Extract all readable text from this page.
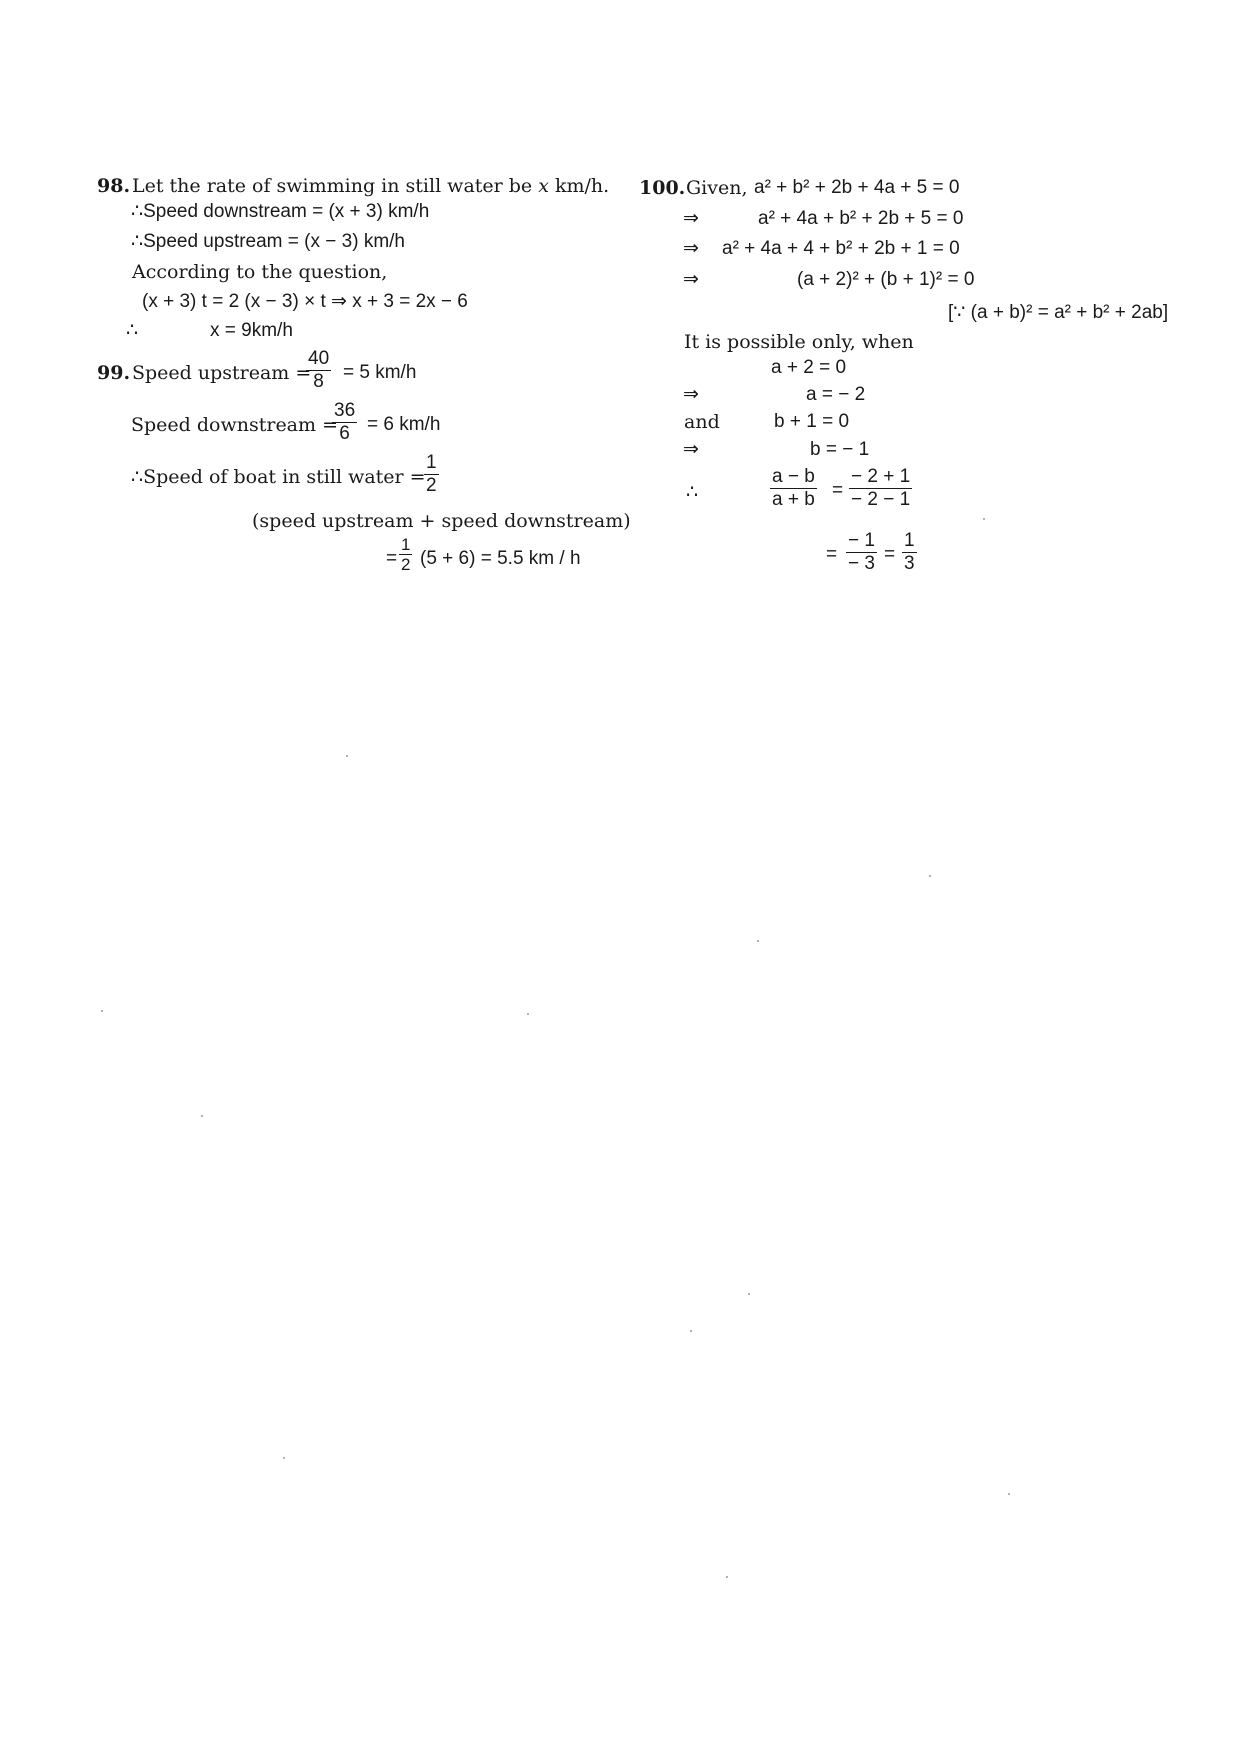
98. Let the rate of swimming in still water be x km/h.
∴Speed downstream = (x + 3) km/h
∴Speed upstream = (x − 3) km/h
According to the question,
(x + 3) t = 2 (x − 3) × t ⇒ x + 3 = 2x − 6
∴	x = 9km/h
99. Speed upstream =
$\frac{40}{8} = 5$ km/h
Speed downstream =
$\frac{36}{6} = 6$ km/h
∴Speed of boat in still water =
$\frac{1}{2}$
(speed upstream + speed downstream)
= $\frac{1}{2} (5 + 6) = 5.5$ km / h
100. Given, a² + b² + 2b + 4a + 5 = 0
⇒	a² + 4a + b² + 2b + 5 = 0
⇒ a² + 4a + 4 + b² + 2b + 1 = 0
⇒	(a + 2)² + (b + 1)² = 0
[∵ (a + b)² = a² + b² + 2ab]
It is possible only, when
a + 2 = 0
⇒	a = − 2
and	b + 1 = 0
⇒	b = − 1
∴	$\frac{a - b}{a + b} = \frac{- 2 + 1}{- 2 - 1}$
= $\frac{- 1}{- 3} = \frac{1}{3}$
